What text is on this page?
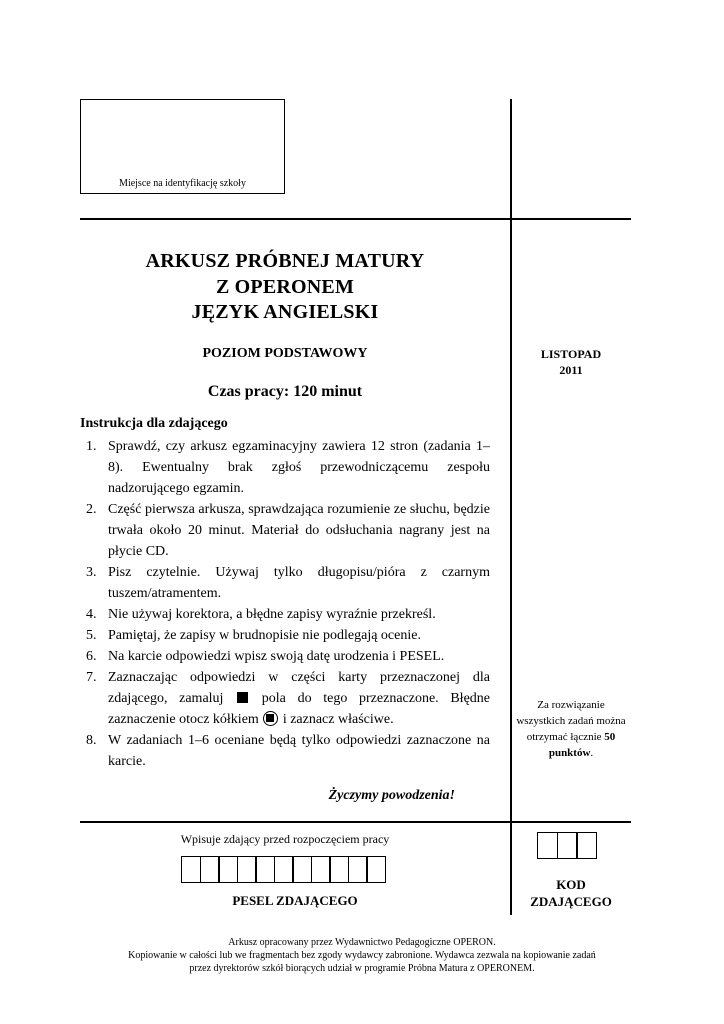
Miejsce na identyfikację szkoły
ARKUSZ PRÓBNEJ MATURY
Z OPERONEM
JĘZYK ANGIELSKI
POZIOM PODSTAWOWY
Czas pracy: 120 minut
LISTOPAD
2011
Za rozwiązanie wszystkich zadań można otrzymać łącznie 50 punktów.
Instrukcja dla zdającego
1. Sprawdź, czy arkusz egzaminacyjny zawiera 12 stron (zadania 1–8). Ewentualny brak zgłoś przewodniczącemu zespołu nadzorującego egzamin.
2. Część pierwsza arkusza, sprawdzająca rozumienie ze słuchu, będzie trwała około 20 minut. Materiał do odsłuchania nagrany jest na płycie CD.
3. Pisz czytelnie. Używaj tylko długopisu/pióra z czarnym tuszem/atramentem.
4. Nie używaj korektora, a błędne zapisy wyraźnie przekreśl.
5. Pamiętaj, że zapisy w brudnopisie nie podlegają ocenie.
6. Na karcie odpowiedzi wpisz swoją datę urodzenia i PESEL.
7. Zaznaczając odpowiedzi w części karty przeznaczonej dla zdającego, zamaluj	pola do tego przeznaczone. Błędne zaznaczenie otocz kółkiem i zaznacz właściwe.
8. W zadaniach 1–6 oceniane będą tylko odpowiedzi zaznaczone na karcie.
Życzymy powodzenia!
Wpisuje zdający przed rozpoczęciem pracy
PESEL ZDAJĄCEGO
KOD
ZDAJĄCEGO
Arkusz opracowany przez Wydawnictwo Pedagogiczne OPERON.
Kopiowanie w całości lub we fragmentach bez zgody wydawcy zabronione. Wydawca zezwala na kopiowanie zadań
przez dyrektorów szkół biorących udział w programie Próbna Matura z OPERONEM.
